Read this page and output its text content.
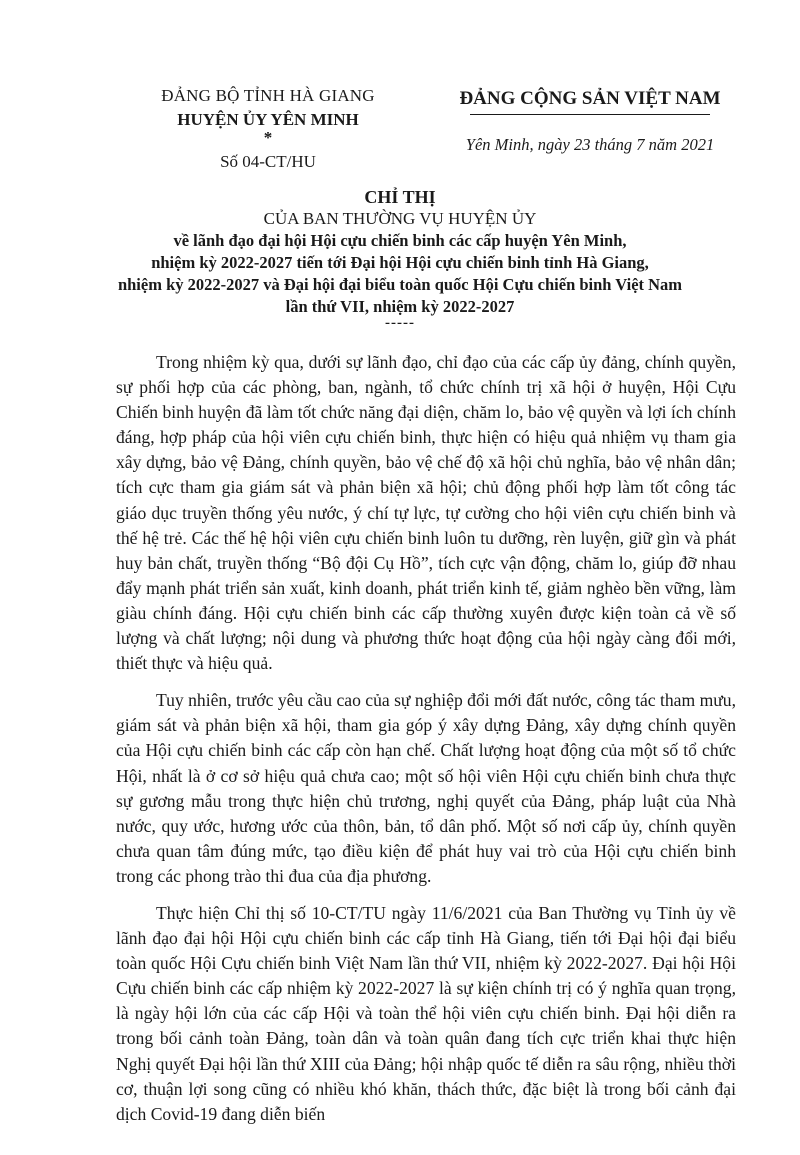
ĐẢNG BỘ TỈNH HÀ GIANG
HUYỆN ỦY YÊN MINH
*
Số 04-CT/HU
ĐẢNG CỘNG SẢN VIỆT NAM
Yên Minh, ngày 23 tháng 7 năm 2021
CHỈ THỊ
CỦA BAN THƯỜNG VỤ HUYỆN ỦY
về lãnh đạo đại hội Hội cựu chiến binh các cấp huyện Yên Minh,
nhiệm kỳ 2022-2027 tiến tới Đại hội Hội cựu chiến binh tỉnh Hà Giang,
nhiệm kỳ 2022-2027 và Đại hội đại biểu toàn quốc Hội Cựu chiến binh Việt Nam
lần thứ VII, nhiệm kỳ 2022-2027
-----

Trong nhiệm kỳ qua, dưới sự lãnh đạo, chỉ đạo của các cấp ủy đảng, chính quyền, sự phối hợp của các phòng, ban, ngành, tổ chức chính trị xã hội ở huyện, Hội Cựu Chiến binh huyện đã làm tốt chức năng đại diện, chăm lo, bảo vệ quyền và lợi ích chính đáng, hợp pháp của hội viên cựu chiến binh, thực hiện có hiệu quả nhiệm vụ tham gia xây dựng, bảo vệ Đảng, chính quyền, bảo vệ chế độ xã hội chủ nghĩa, bảo vệ nhân dân; tích cực tham gia giám sát và phản biện xã hội; chủ động phối hợp làm tốt công tác giáo dục truyền thống yêu nước, ý chí tự lực, tự cường cho hội viên cựu chiến binh và thế hệ trẻ. Các thế hệ hội viên cựu chiến binh luôn tu dưỡng, rèn luyện, giữ gìn và phát huy bản chất, truyền thống “Bộ đội Cụ Hồ”, tích cực vận động, chăm lo, giúp đỡ nhau đẩy mạnh phát triển sản xuất, kinh doanh, phát triển kinh tế, giảm nghèo bền vững, làm giàu chính đáng. Hội cựu chiến binh các cấp thường xuyên được kiện toàn cả về số lượng và chất lượng; nội dung và phương thức hoạt động của hội ngày càng đổi mới, thiết thực và hiệu quả.

Tuy nhiên, trước yêu cầu cao của sự nghiệp đổi mới đất nước, công tác tham mưu, giám sát và phản biện xã hội, tham gia góp ý xây dựng Đảng, xây dựng chính quyền của Hội cựu chiến binh các cấp còn hạn chế. Chất lượng hoạt động của một số tổ chức Hội, nhất là ở cơ sở hiệu quả chưa cao; một số hội viên Hội cựu chiến binh chưa thực sự gương mẫu trong thực hiện chủ trương, nghị quyết của Đảng, pháp luật của Nhà nước, quy ước, hương ước của thôn, bản, tổ dân phố. Một số nơi cấp ủy, chính quyền chưa quan tâm đúng mức, tạo điều kiện để phát huy vai trò của Hội cựu chiến binh trong các phong trào thi đua của địa phương.

Thực hiện Chỉ thị số 10-CT/TU ngày 11/6/2021 của Ban Thường vụ Tỉnh ủy về lãnh đạo đại hội Hội cựu chiến binh các cấp tỉnh Hà Giang, tiến tới Đại hội đại biểu toàn quốc Hội Cựu chiến binh Việt Nam lần thứ VII, nhiệm kỳ 2022-2027. Đại hội Hội Cựu chiến binh các cấp nhiệm kỳ 2022-2027 là sự kiện chính trị có ý nghĩa quan trọng, là ngày hội lớn của các cấp Hội và toàn thể hội viên cựu chiến binh. Đại hội diễn ra trong bối cảnh toàn Đảng, toàn dân và toàn quân đang tích cực triển khai thực hiện Nghị quyết Đại hội lần thứ XIII của Đảng; hội nhập quốc tế diễn ra sâu rộng, nhiều thời cơ, thuận lợi song cũng có nhiều khó khăn, thách thức, đặc biệt là trong bối cảnh đại dịch Covid-19 đang diễn biến
